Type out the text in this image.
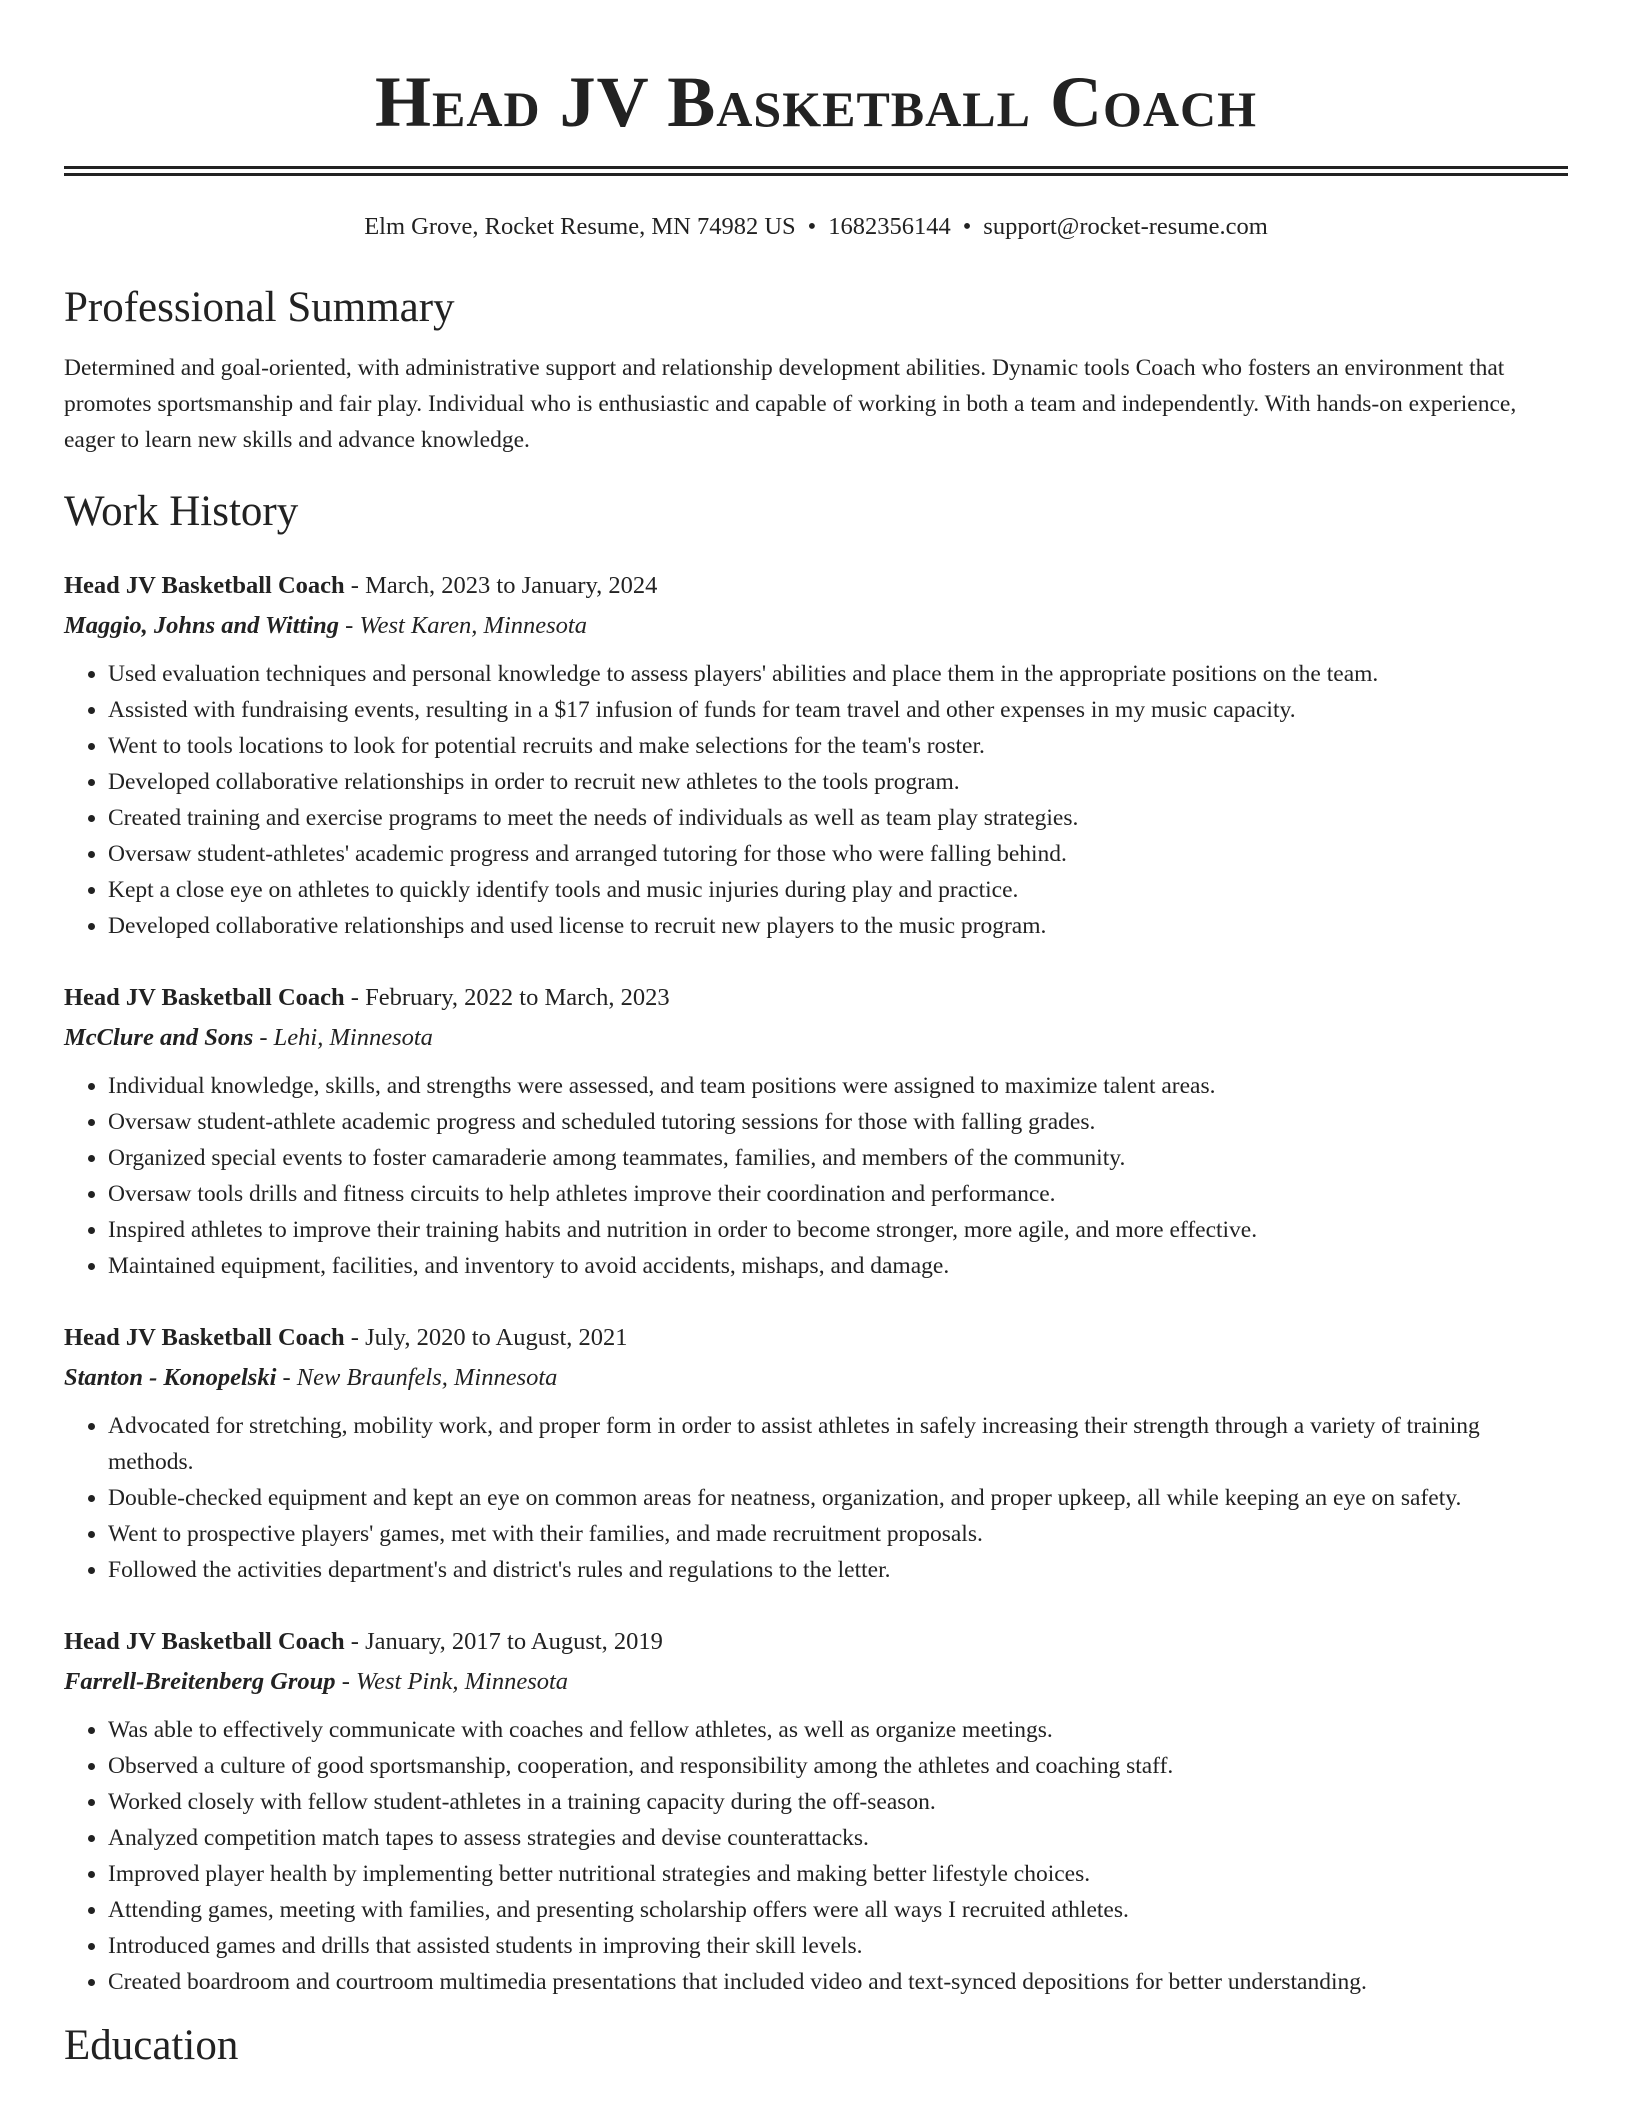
Head JV Basketball Coach
Elm Grove, Rocket Resume, MN 74982 US • 1682356144 • support@rocket-resume.com
Professional Summary

Determined and goal-oriented, with administrative support and relationship development abilities. Dynamic tools Coach who fosters an environment that promotes sportsmanship and fair play. Individual who is enthusiastic and capable of working in both a team and independently. With hands-on experience, eager to learn new skills and advance knowledge.

Work History
Head JV Basketball Coach - March, 2023 to January, 2024
Maggio, Johns and Witting - West Karen, Minnesota
• Used evaluation techniques and personal knowledge to assess players' abilities and place them in the appropriate positions on the team.
• Assisted with fundraising events, resulting in a $17 infusion of funds for team travel and other expenses in my music capacity.
• Went to tools locations to look for potential recruits and make selections for the team's roster.
• Developed collaborative relationships in order to recruit new athletes to the tools program.
• Created training and exercise programs to meet the needs of individuals as well as team play strategies.
• Oversaw student-athletes' academic progress and arranged tutoring for those who were falling behind.
• Kept a close eye on athletes to quickly identify tools and music injuries during play and practice.
• Developed collaborative relationships and used license to recruit new players to the music program.
Head JV Basketball Coach - February, 2022 to March, 2023
McClure and Sons - Lehi, Minnesota
• Individual knowledge, skills, and strengths were assessed, and team positions were assigned to maximize talent areas.
• Oversaw student-athlete academic progress and scheduled tutoring sessions for those with falling grades.
• Organized special events to foster camaraderie among teammates, families, and members of the community.
• Oversaw tools drills and fitness circuits to help athletes improve their coordination and performance.
• Inspired athletes to improve their training habits and nutrition in order to become stronger, more agile, and more effective.
• Maintained equipment, facilities, and inventory to avoid accidents, mishaps, and damage.
Head JV Basketball Coach - July, 2020 to August, 2021
Stanton - Konopelski - New Braunfels, Minnesota
• Advocated for stretching, mobility work, and proper form in order to assist athletes in safely increasing their strength through a variety of training methods.
• Double-checked equipment and kept an eye on common areas for neatness, organization, and proper upkeep, all while keeping an eye on safety.
• Went to prospective players' games, met with their families, and made recruitment proposals.
• Followed the activities department's and district's rules and regulations to the letter.
Head JV Basketball Coach - January, 2017 to August, 2019
Farrell-Breitenberg Group - West Pink, Minnesota
• Was able to effectively communicate with coaches and fellow athletes, as well as organize meetings.
• Observed a culture of good sportsmanship, cooperation, and responsibility among the athletes and coaching staff.
• Worked closely with fellow student-athletes in a training capacity during the off-season.
• Analyzed competition match tapes to assess strategies and devise counterattacks.
• Improved player health by implementing better nutritional strategies and making better lifestyle choices.
• Attending games, meeting with families, and presenting scholarship offers were all ways I recruited athletes.
• Introduced games and drills that assisted students in improving their skill levels.
• Created boardroom and courtroom multimedia presentations that included video and text-synced depositions for better understanding.
Education
